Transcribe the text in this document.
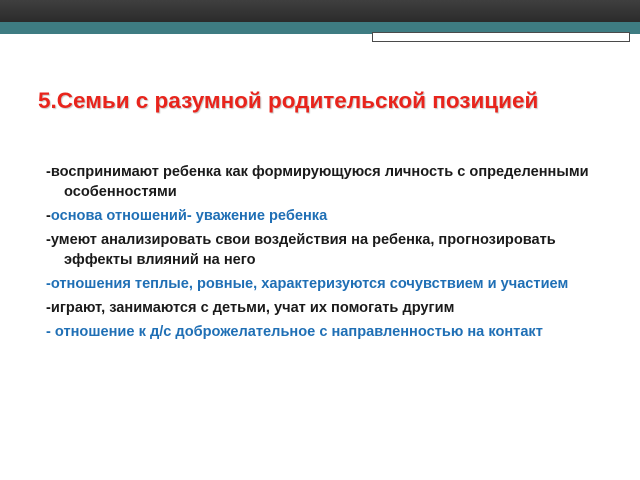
5.Семьи с разумной родительской позицией
-воспринимают ребенка как формирующуюся личность с определенными особенностями
-основа отношений- уважение ребенка
-умеют анализировать свои воздействия на ребенка, прогнозировать эффекты влияний на него
-отношения теплые, ровные, характеризуются сочувствием и участием
-играют, занимаются с детьми, учат их помогать другим
- отношение к д/с доброжелательное с направленностью на контакт
